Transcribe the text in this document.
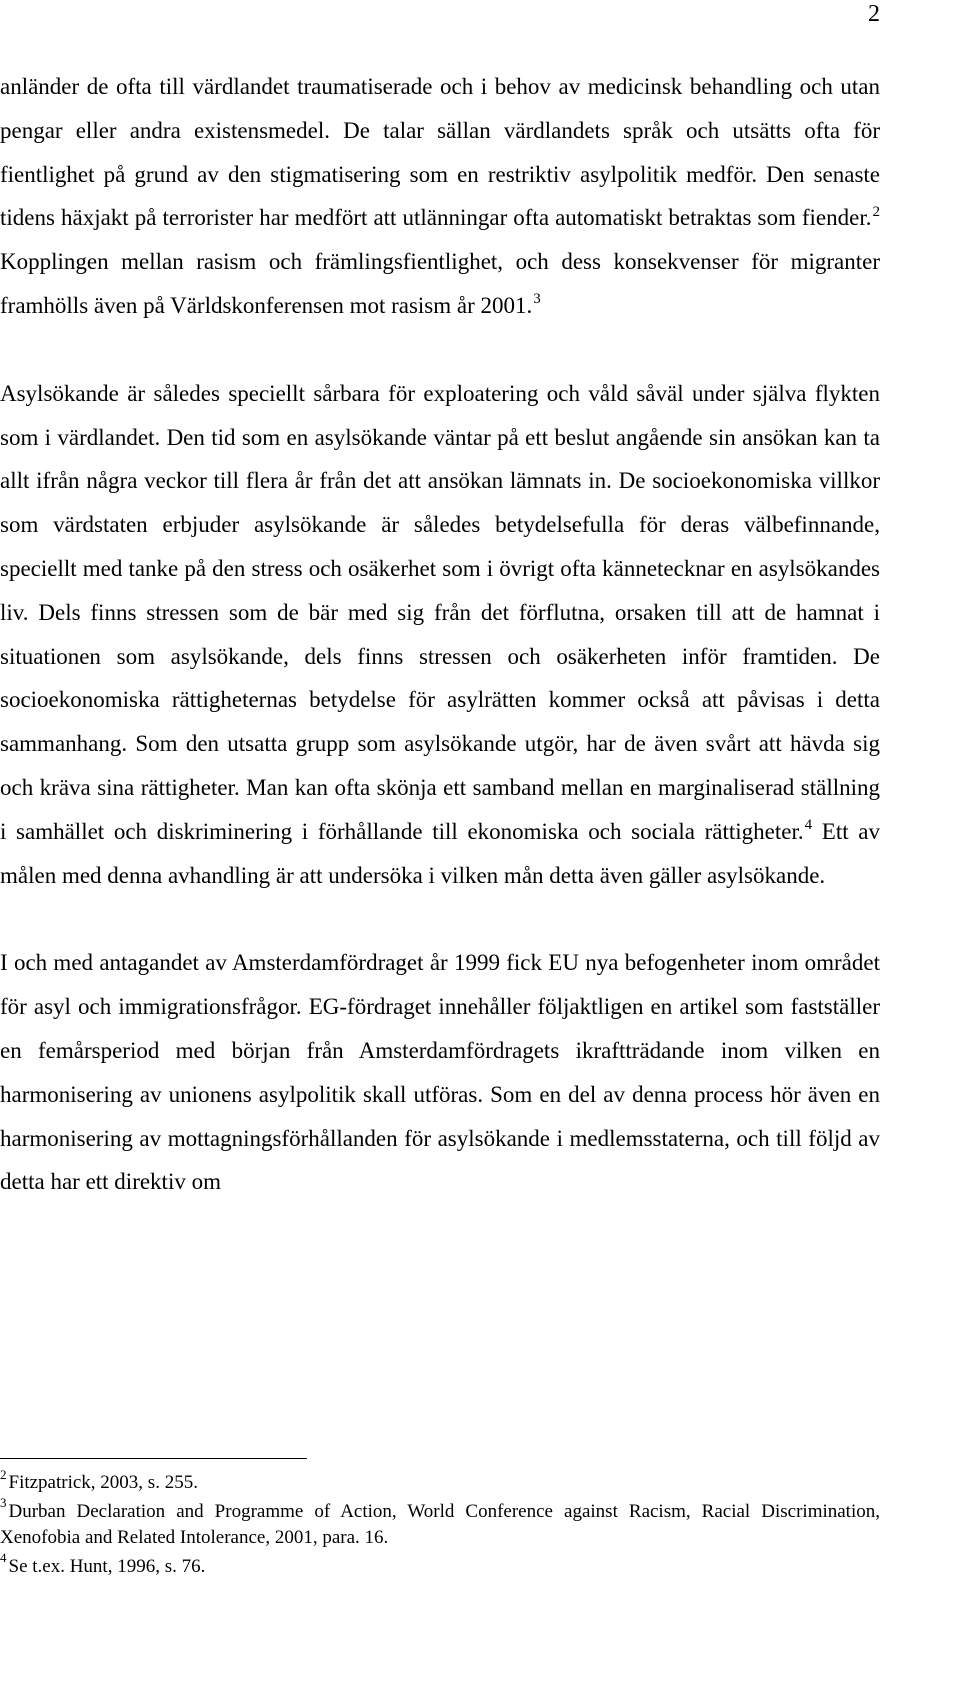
2

anländer de ofta till värdlandet traumatiserade och i behov av medicinsk behandling och utan pengar eller andra existensmedel. De talar sällan värdlandets språk och utsätts ofta för fientlighet på grund av den stigmatisering som en restriktiv asylpolitik medför. Den senaste tidens häxjakt på terrorister har medfört att utlänningar ofta automatiskt betraktas som fiender.$^2$ Kopplingen mellan rasism och främlingsfientlighet, och dess konsekvenser för migranter framhölls även på Världskonferensen mot rasism år 2001.$^3$

Asylsökande är således speciellt sårbara för exploatering och våld såväl under själva flykten som i värdlandet. Den tid som en asylsökande väntar på ett beslut angående sin ansökan kan ta allt ifrån några veckor till flera år från det att ansökan lämnats in. De socioekonomiska villkor som värdstaten erbjuder asylsökande är således betydelsefulla för deras välbefinnande, speciellt med tanke på den stress och osäkerhet som i övrigt ofta kännetecknar en asylsökandes liv. Dels finns stressen som de bär med sig från det förflutna, orsaken till att de hamnat i situationen som asylsökande, dels finns stressen och osäkerheten inför framtiden. De socioekonomiska rättigheternas betydelse för asylrätten kommer också att påvisas i detta sammanhang. Som den utsatta grupp som asylsökande utgör, har de även svårt att hävda sig och kräva sina rättigheter. Man kan ofta skönja ett samband mellan en marginaliserad ställning i samhället och diskriminering i förhållande till ekonomiska och sociala rättigheter.$^4$ Ett av målen med denna avhandling är att undersöka i vilken mån detta även gäller asylsökande.

I och med antagandet av Amsterdamfördraget år 1999 fick EU nya befogenheter inom området för asyl och immigrationsfrågor. EG-fördraget innehåller följaktligen en artikel som fastställer en femårsperiod med början från Amsterdamfördragets ikraftträdande inom vilken en harmonisering av unionens asylpolitik skall utföras. Som en del av denna process hör även en harmonisering av mottagningsförhållanden för asylsökande i medlemsstaterna, och till följd av detta har ett direktiv om

$^2$ Fitzpatrick, 2003, s. 255.

$^3$ Durban Declaration and Programme of Action, World Conference against Racism, Racial Discrimination, Xenofobia and Related Intolerance, 2001, para. 16.

$^4$ Se t.ex. Hunt, 1996, s. 76.
